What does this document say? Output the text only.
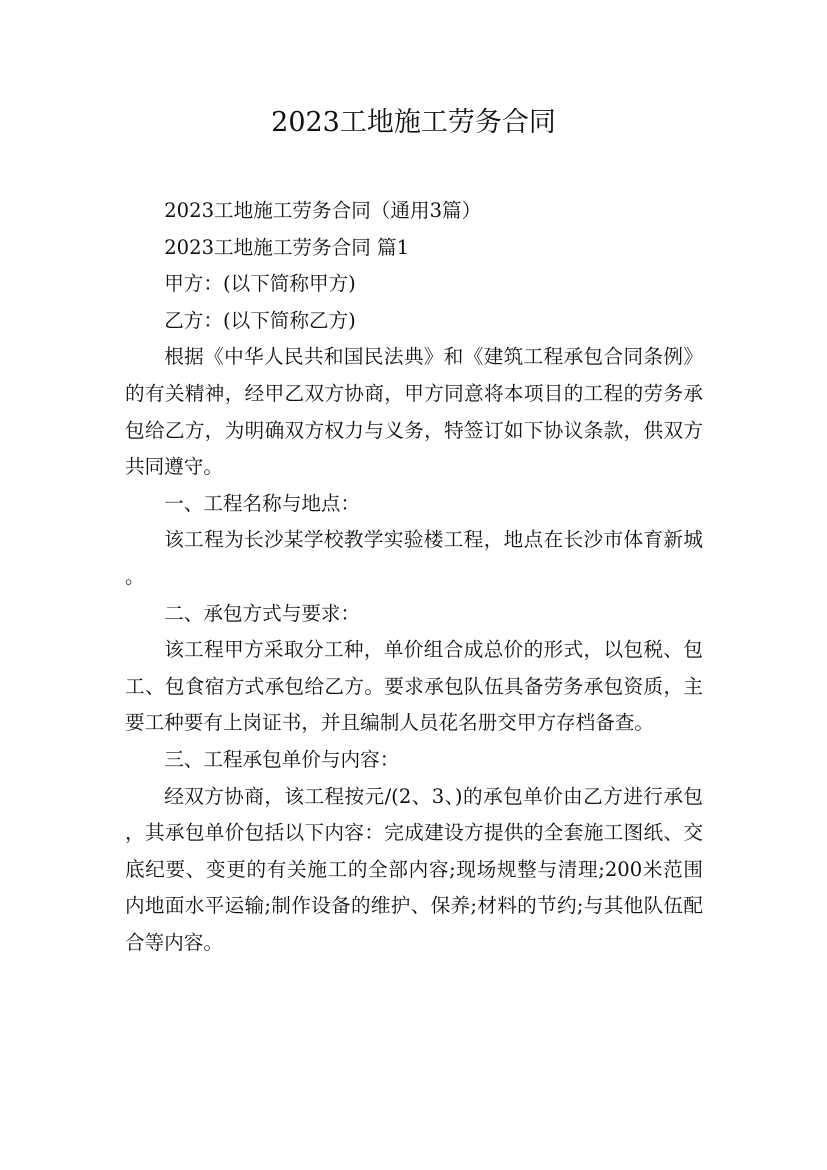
2023工地施工劳务合同

2023工地施工劳务合同（通用3篇）

2023工地施工劳务合同 篇1

甲方：(以下简称甲方)

乙方：(以下简称乙方)

根据《中华人民共和国民法典》和《建筑工程承包合同条例》的有关精神，经甲乙双方协商，甲方同意将本项目的工程的劳务承包给乙方，为明确双方权力与义务，特签订如下协议条款，供双方共同遵守。

一、工程名称与地点：

该工程为长沙某学校教学实验楼工程，地点在长沙市体育新城。

二、承包方式与要求：

该工程甲方采取分工种，单价组合成总价的形式，以包税、包工、包食宿方式承包给乙方。要求承包队伍具备劳务承包资质，主要工种要有上岗证书，并且编制人员花名册交甲方存档备查。

三、工程承包单价与内容：

经双方协商，该工程按元/(2、3、)的承包单价由乙方进行承包，其承包单价包括以下内容：完成建设方提供的全套施工图纸、交底纪要、变更的有关施工的全部内容;现场规整与清理;200米范围内地面水平运输;制作设备的维护、保养;材料的节约;与其他队伍配合等内容。
